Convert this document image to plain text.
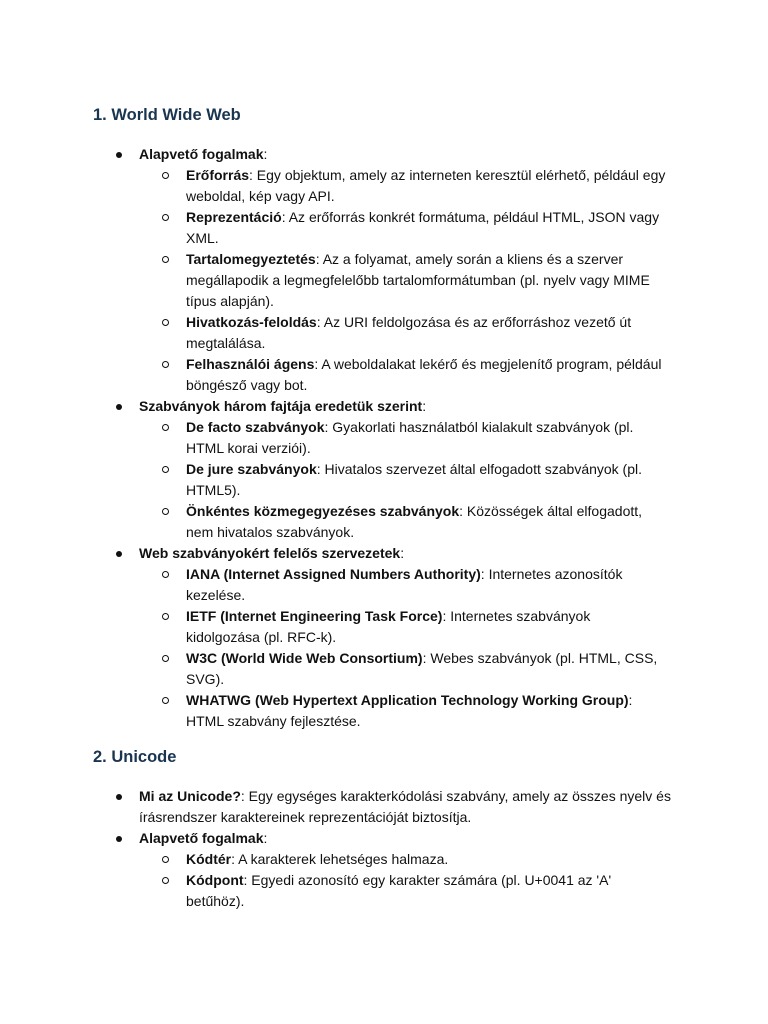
1. World Wide Web
Alapvető fogalmak:
Erőforrás: Egy objektum, amely az interneten keresztül elérhető, például egy weboldal, kép vagy API.
Reprezentáció: Az erőforrás konkrét formátuma, például HTML, JSON vagy XML.
Tartalomegyeztetés: Az a folyamat, amely során a kliens és a szerver megállapodik a legmegfelelőbb tartalomformátumban (pl. nyelv vagy MIME típus alapján).
Hivatkozás-feloldás: Az URI feldolgozása és az erőforráshoz vezető út megtalálása.
Felhasználói ágens: A weboldalakat lekérő és megjelenítő program, például böngésző vagy bot.
Szabványok három fajtája eredetük szerint:
De facto szabványok: Gyakorlati használatból kialakult szabványok (pl. HTML korai verziói).
De jure szabványok: Hivatalos szervezet által elfogadott szabványok (pl. HTML5).
Önkéntes közmegegyezéses szabványok: Közösségek által elfogadott, nem hivatalos szabványok.
Web szabványokért felelős szervezetek:
IANA (Internet Assigned Numbers Authority): Internetes azonosítók kezelése.
IETF (Internet Engineering Task Force): Internetes szabványok kidolgozása (pl. RFC-k).
W3C (World Wide Web Consortium): Webes szabványok (pl. HTML, CSS, SVG).
WHATWG (Web Hypertext Application Technology Working Group): HTML szabvány fejlesztése.
2. Unicode
Mi az Unicode?: Egy egységes karakterkódolási szabvány, amely az összes nyelv és írásrendszer karaktereinek reprezentációját biztosítja.
Alapvető fogalmak:
Kódtér: A karakterek lehetséges halmaza.
Kódpont: Egyedi azonosító egy karakter számára (pl. U+0041 az 'A' betűhöz).
